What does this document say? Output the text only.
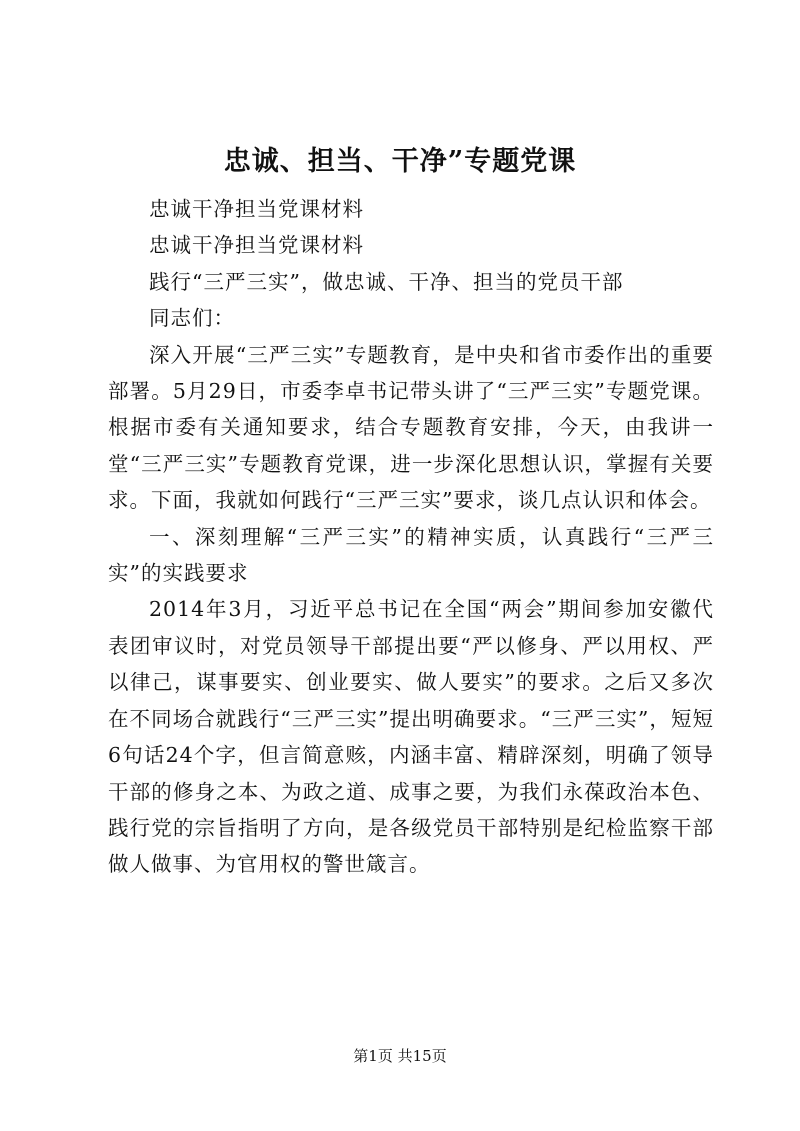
忠诚、担当、干净”专题党课

忠诚干净担当党课材料

忠诚干净担当党课材料

践行“三严三实”，做忠诚、干净、担当的党员干部

同志们：

深入开展“三严三实”专题教育，是中央和省市委作出的重要部署。5月29日，市委李卓书记带头讲了“三严三实”专题党课。根据市委有关通知要求，结合专题教育安排，今天，由我讲一堂“三严三实”专题教育党课，进一步深化思想认识，掌握有关要求。下面，我就如何践行“三严三实”要求，谈几点认识和体会。

一、深刻理解“三严三实”的精神实质，认真践行“三严三实”的实践要求

2014年3月，习近平总书记在全国“两会”期间参加安徽代表团审议时，对党员领导干部提出要“严以修身、严以用权、严以律己，谋事要实、创业要实、做人要实”的要求。之后又多次在不同场合就践行“三严三实”提出明确要求。“三严三实”，短短6句话24个字，但言简意赅，内涵丰富、精辟深刻，明确了领导干部的修身之本、为政之道、成事之要，为我们永葆政治本色、践行党的宗旨指明了方向，是各级党员干部特别是纪检监察干部做人做事、为官用权的警世箴言。

第1页 共15页
